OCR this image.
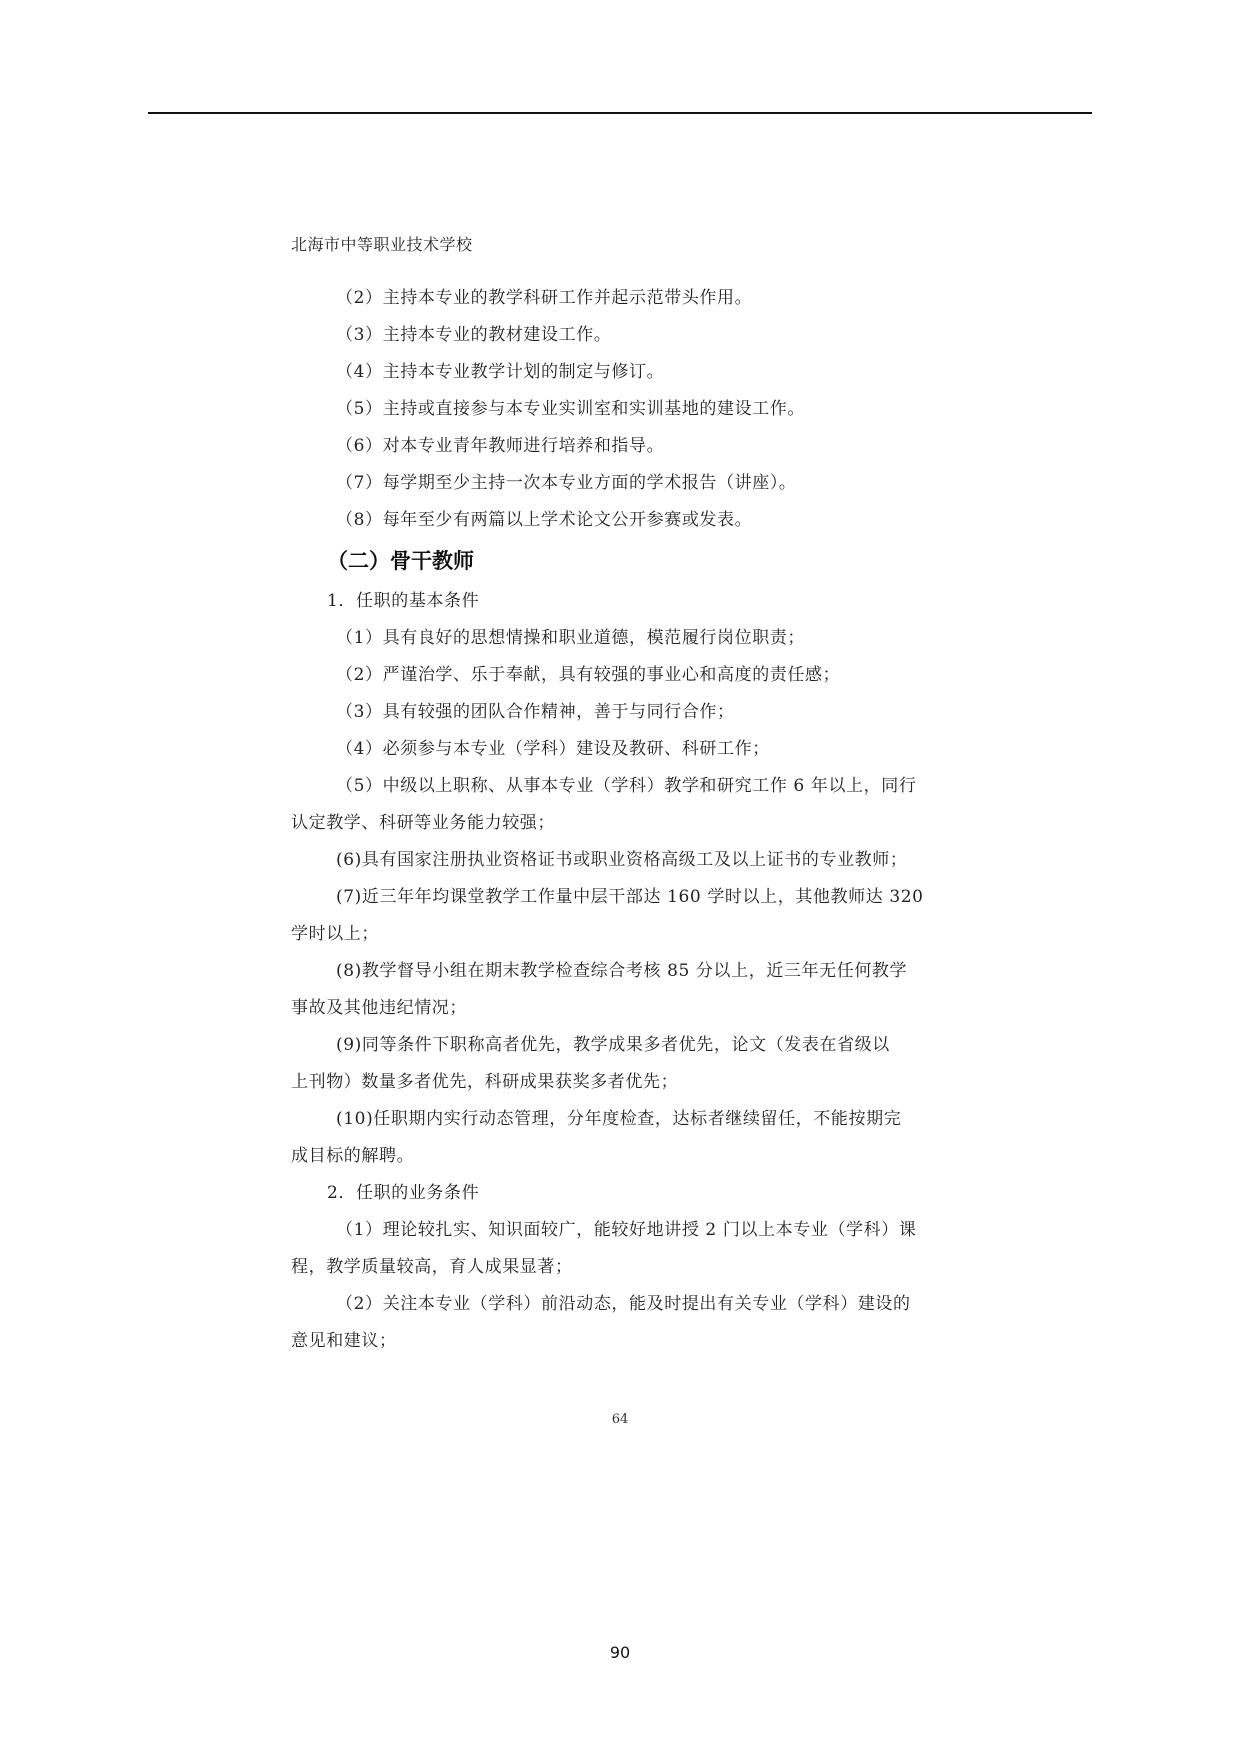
北海市中等职业技术学校
（2）主持本专业的教学科研工作并起示范带头作用。
（3）主持本专业的教材建设工作。
（4）主持本专业教学计划的制定与修订。
（5）主持或直接参与本专业实训室和实训基地的建设工作。
（6）对本专业青年教师进行培养和指导。
（7）每学期至少主持一次本专业方面的学术报告（讲座）。
（8）每年至少有两篇以上学术论文公开参赛或发表。
（二）骨干教师
1．任职的基本条件
（1）具有良好的思想情操和职业道德，模范履行岗位职责；
（2）严谨治学、乐于奉献，具有较强的事业心和高度的责任感；
（3）具有较强的团队合作精神，善于与同行合作；
（4）必须参与本专业（学科）建设及教研、科研工作；
（5）中级以上职称、从事本专业（学科）教学和研究工作 6 年以上，同行
认定教学、科研等业务能力较强；
(6)具有国家注册执业资格证书或职业资格高级工及以上证书的专业教师；
(7)近三年年均课堂教学工作量中层干部达 160 学时以上，其他教师达 320
学时以上；
(8)教学督导小组在期末教学检查综合考核 85 分以上，近三年无任何教学
事故及其他违纪情况；
(9)同等条件下职称高者优先，教学成果多者优先，论文（发表在省级以
上刊物）数量多者优先，科研成果获奖多者优先；
(10)任职期内实行动态管理，分年度检查，达标者继续留任，不能按期完
成目标的解聘。
2．任职的业务条件
（1）理论较扎实、知识面较广，能较好地讲授 2 门以上本专业（学科）课
程，教学质量较高，育人成果显著；
（2）关注本专业（学科）前沿动态，能及时提出有关专业（学科）建设的
意见和建议；
64
90
